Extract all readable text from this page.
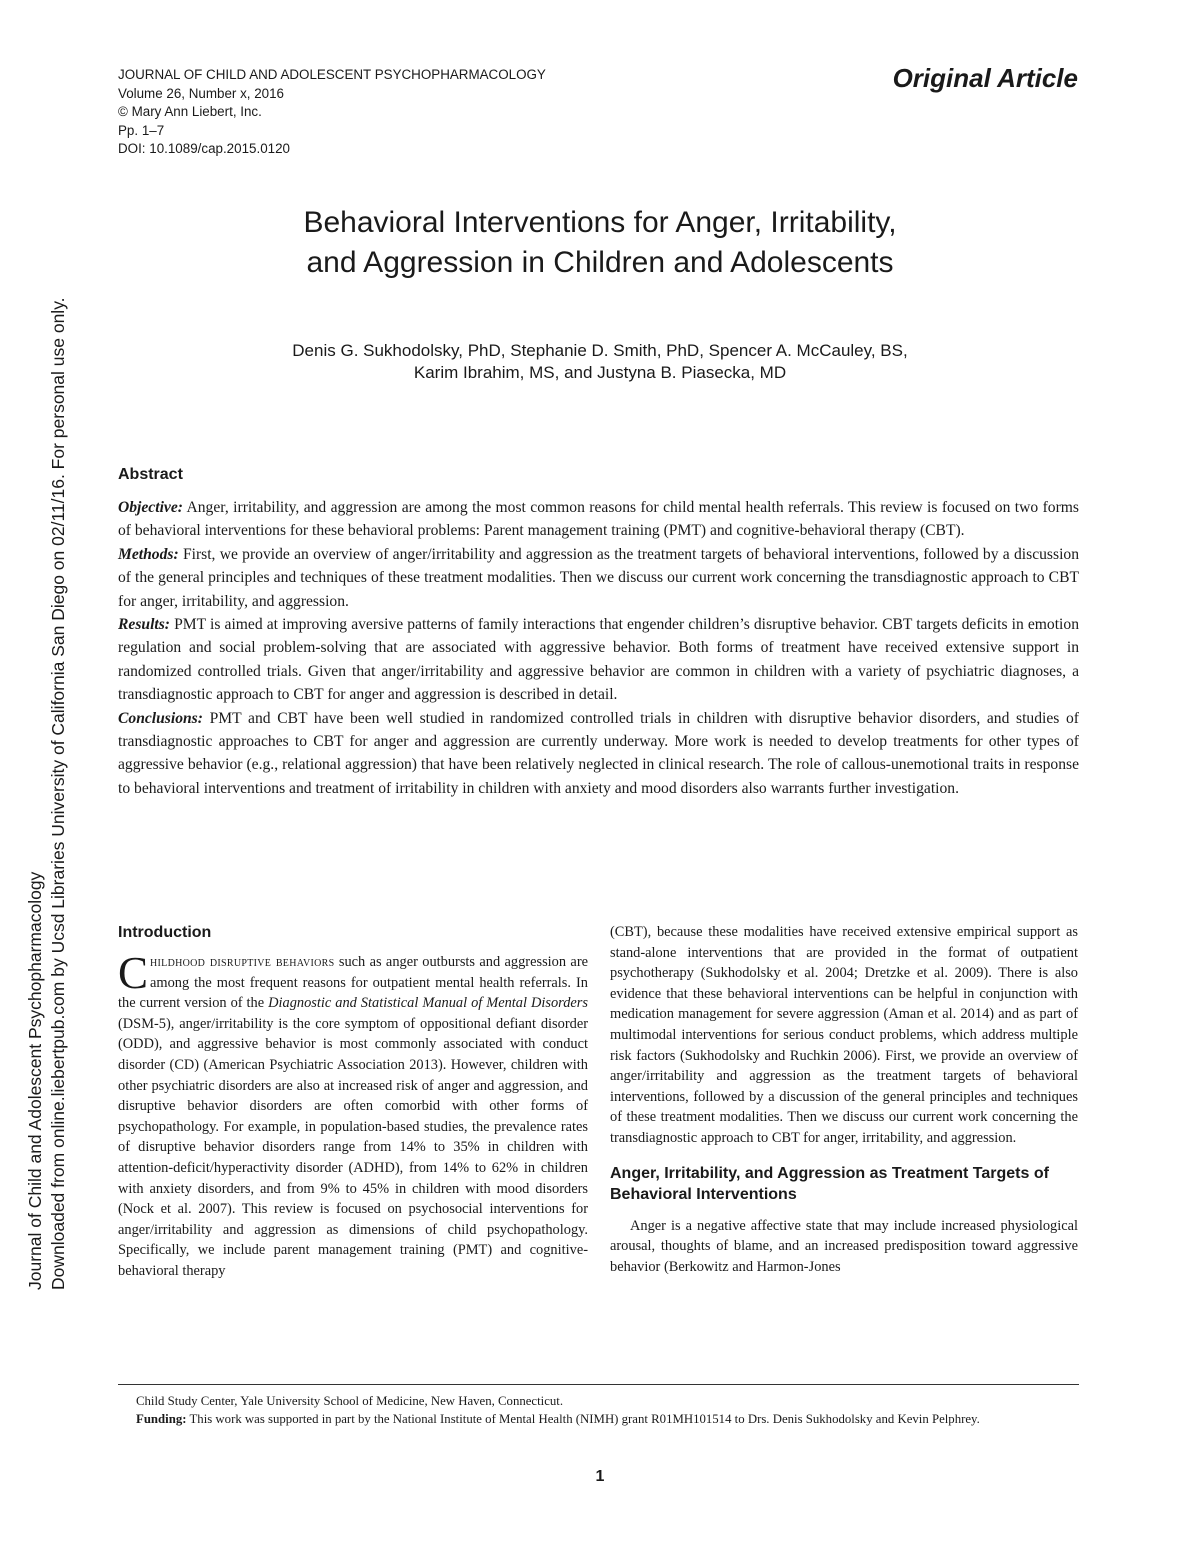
Journal of Child and Adolescent Psychopharmacology Downloaded from online.liebertpub.com by Ucsd Libraries University of California San Diego on 02/11/16. For personal use only.
JOURNAL OF CHILD AND ADOLESCENT PSYCHOPHARMACOLOGY
Volume 26, Number x, 2016
© Mary Ann Liebert, Inc.
Pp. 1–7
DOI: 10.1089/cap.2015.0120
Original Article
Behavioral Interventions for Anger, Irritability,
and Aggression in Children and Adolescents
Denis G. Sukhodolsky, PhD, Stephanie D. Smith, PhD, Spencer A. McCauley, BS,
Karim Ibrahim, MS, and Justyna B. Piasecka, MD
Abstract

Objective: Anger, irritability, and aggression are among the most common reasons for child mental health referrals. This review is focused on two forms of behavioral interventions for these behavioral problems: Parent management training (PMT) and cognitive-behavioral therapy (CBT).

Methods: First, we provide an overview of anger/irritability and aggression as the treatment targets of behavioral interventions, followed by a discussion of the general principles and techniques of these treatment modalities. Then we discuss our current work concerning the transdiagnostic approach to CBT for anger, irritability, and aggression.

Results: PMT is aimed at improving aversive patterns of family interactions that engender children’s disruptive behavior. CBT targets deficits in emotion regulation and social problem-solving that are associated with aggressive behavior. Both forms of treatment have received extensive support in randomized controlled trials. Given that anger/irritability and aggressive behavior are common in children with a variety of psychiatric diagnoses, a transdiagnostic approach to CBT for anger and aggression is described in detail.

Conclusions: PMT and CBT have been well studied in randomized controlled trials in children with disruptive behavior disorders, and studies of transdiagnostic approaches to CBT for anger and aggression are currently underway. More work is needed to develop treatments for other types of aggressive behavior (e.g., relational aggression) that have been relatively neglected in clinical research. The role of callous-unemotional traits in response to behavioral interventions and treatment of irritability in children with anxiety and mood disorders also warrants further investigation.

Introduction

Childhood disruptive behaviors such as anger outbursts and aggression are among the most frequent reasons for outpatient mental health referrals. In the current version of the Diagnostic and Statistical Manual of Mental Disorders (DSM-5), anger/irritability is the core symptom of oppositional defiant disorder (ODD), and aggressive behavior is most commonly associated with conduct disorder (CD) (American Psychiatric Association 2013). However, children with other psychiatric disorders are also at increased risk of anger and aggression, and disruptive behavior disorders are often comorbid with other forms of psychopathology. For example, in population-based studies, the prevalence rates of disruptive behavior disorders range from 14% to 35% in children with attention-deficit/hyperactivity disorder (ADHD), from 14% to 62% in children with anxiety disorders, and from 9% to 45% in children with mood disorders (Nock et al. 2007). This review is focused on psychosocial interventions for anger/irritability and aggression as dimensions of child psychopathology. Specifically, we include parent management training (PMT) and cognitive-behavioral therapy

(CBT), because these modalities have received extensive empirical support as stand-alone interventions that are provided in the format of outpatient psychotherapy (Sukhodolsky et al. 2004; Dretzke et al. 2009). There is also evidence that these behavioral interventions can be helpful in conjunction with medication management for severe aggression (Aman et al. 2014) and as part of multimodal interventions for serious conduct problems, which address multiple risk factors (Sukhodolsky and Ruchkin 2006). First, we provide an overview of anger/irritability and aggression as the treatment targets of behavioral interventions, followed by a discussion of the general principles and techniques of these treatment modalities. Then we discuss our current work concerning the transdiagnostic approach to CBT for anger, irritability, and aggression.

Anger, Irritability, and Aggression as Treatment Targets of Behavioral Interventions

Anger is a negative affective state that may include increased physiological arousal, thoughts of blame, and an increased predisposition toward aggressive behavior (Berkowitz and Harmon-Jones

Child Study Center, Yale University School of Medicine, New Haven, Connecticut.

Funding: This work was supported in part by the National Institute of Mental Health (NIMH) grant R01MH101514 to Drs. Denis Sukhodolsky and Kevin Pelphrey.

1
